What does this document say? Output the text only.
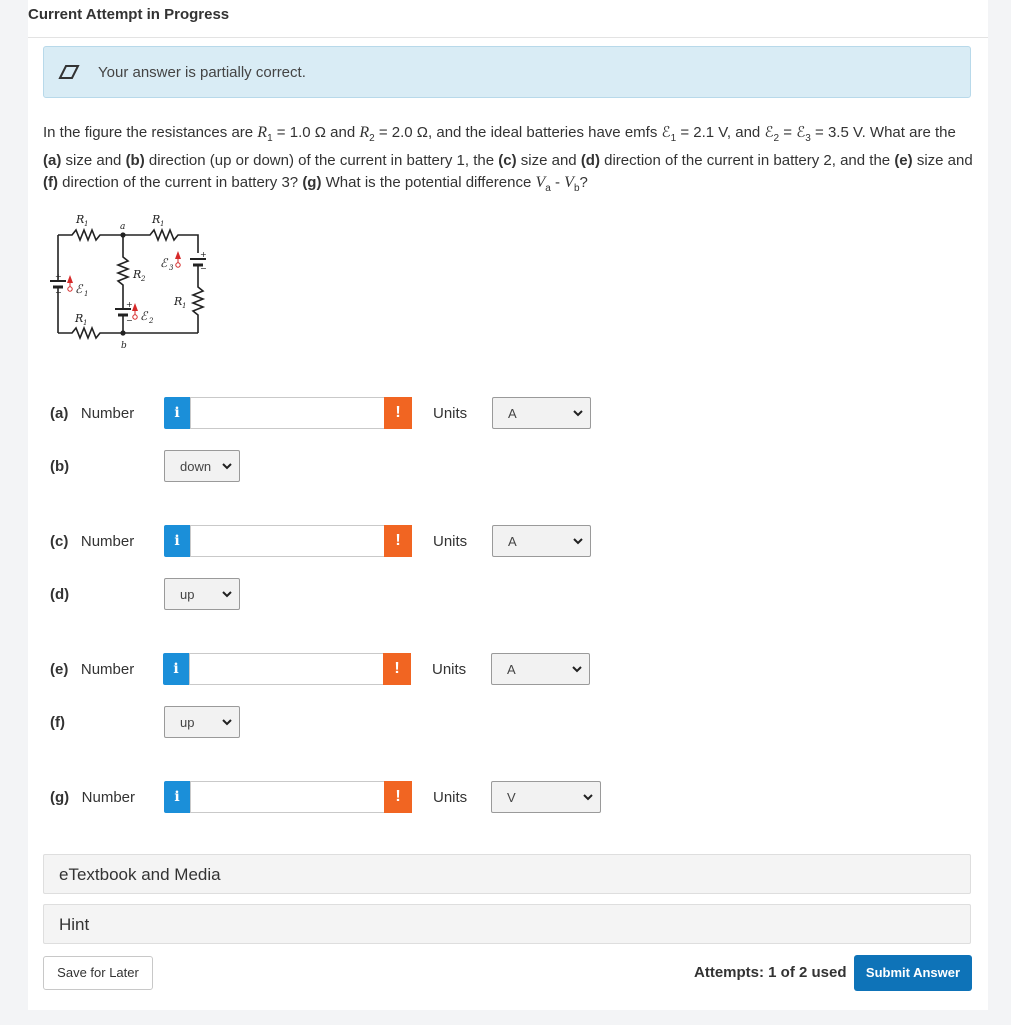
Current Attempt in Progress
Your answer is partially correct.
In the figure the resistances are $R_1 = 1.0$ Ω and $R_2 = 2.0$ Ω, and the ideal batteries have emfs ℰ$_1$ = 2.1 V, and ℰ$_2$ = ℰ$_3$ = 3.5 V. What are the (a) size and (b) direction (up or down) of the current in battery 1, the (c) size and (d) direction of the current in battery 2, and the (e) size and (f) direction of the current in battery 3? (g) What is the potential difference $V_a - V_b$?
R 1	R 1
a
R 1
b
R 2
R 1
ℰ 1
ℰ 2
ℰ 3
+
−
+
−
+
−
(a) Number	i	!	Units	A
(b)	down
(c) Number	i	!	Units	A
(d)	up
(e) Number	i	!	Units	A
(f)	up
(g) Number	i	!	Units	V
eTextbook and Media
Hint
Save for Later	Attempts: 1 of 2 used	Submit Answer
